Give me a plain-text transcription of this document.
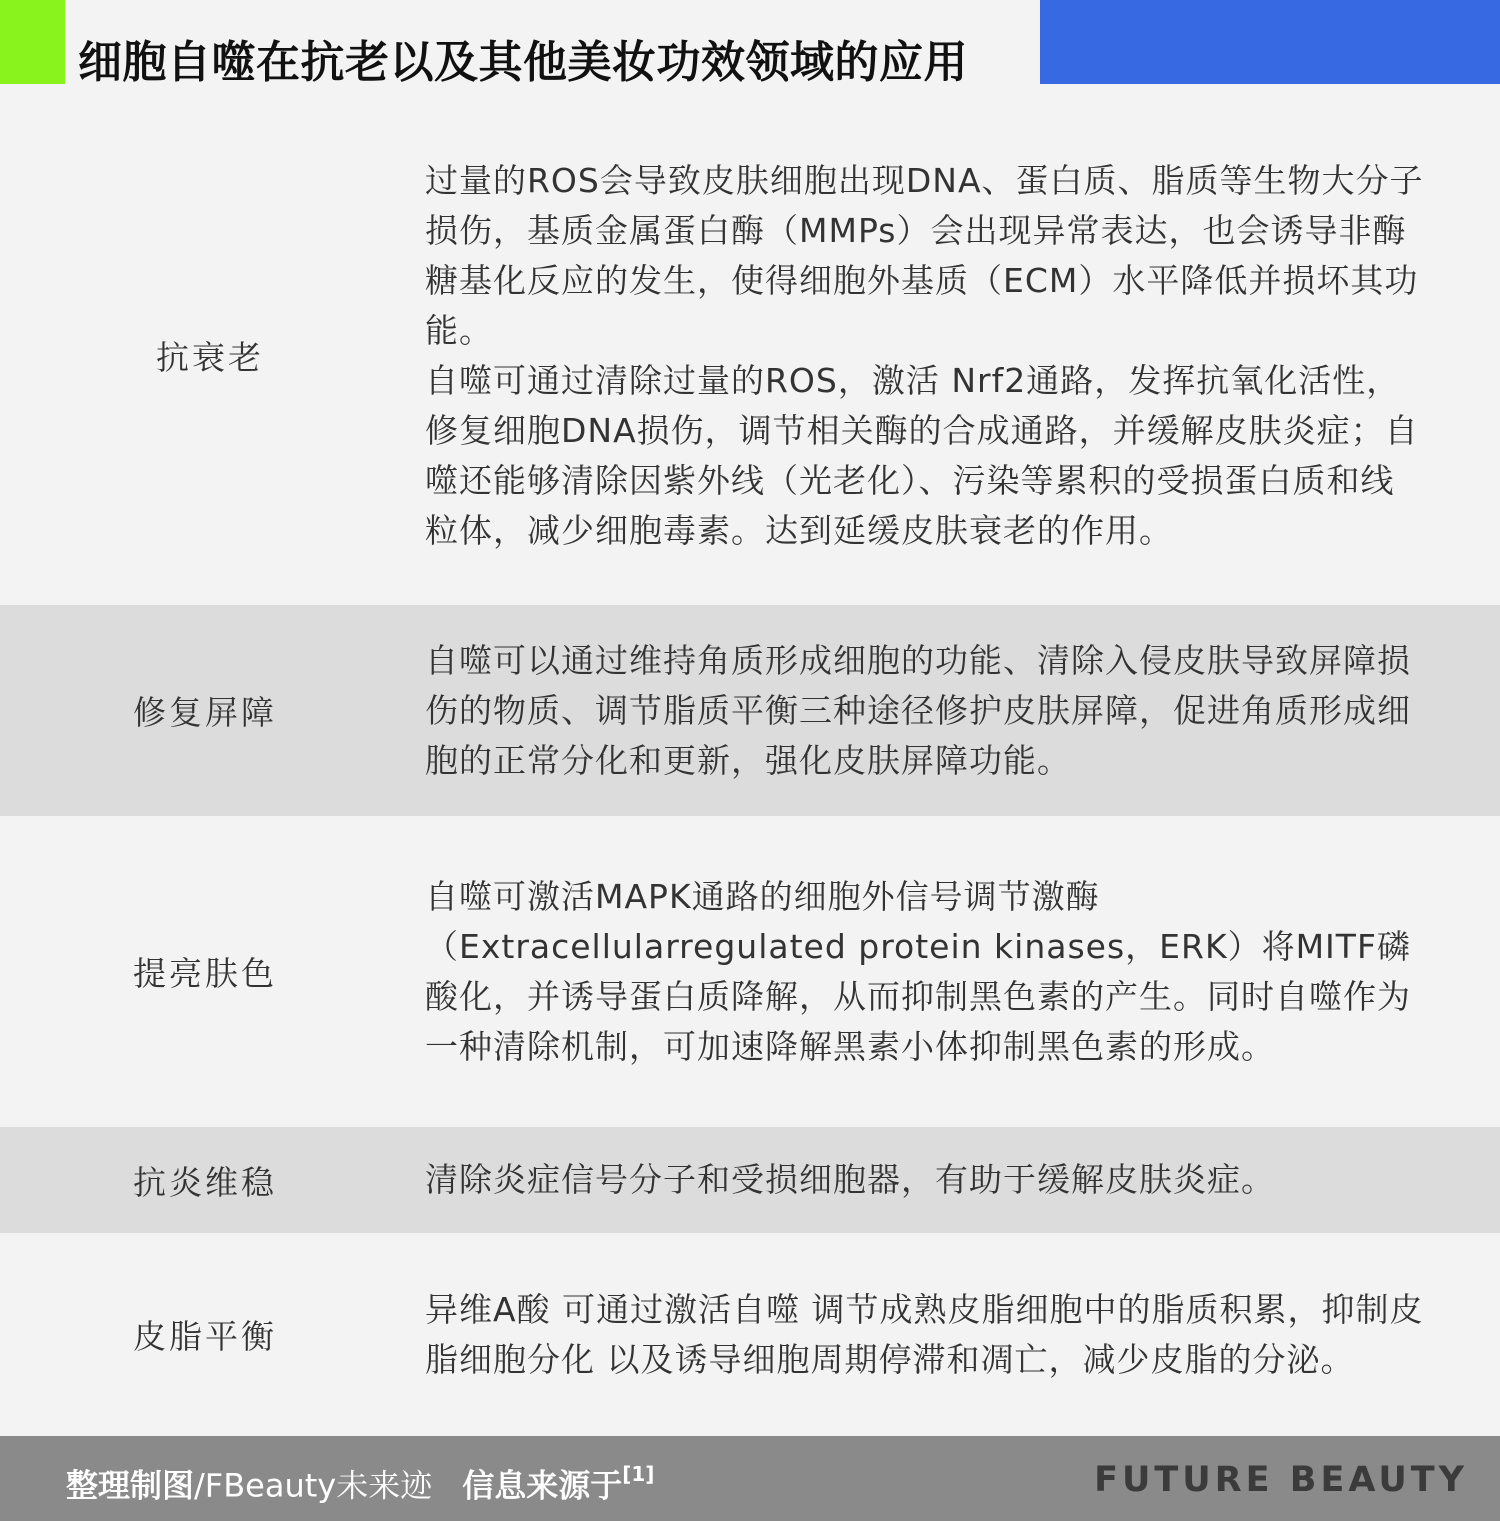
细胞自噬在抗老以及其他美妆功效领域的应用
抗衰老

过量的ROS会导致皮肤细胞出现DNA、蛋白质、脂质等生物大分子损伤，基质金属蛋白酶（MMPs）会出现异常表达，也会诱导非酶糖基化反应的发生，使得细胞外基质（ECM）水平降低并损坏其功能。

自噬可通过清除过量的ROS，激活 Nrf2通路，发挥抗氧化活性，修复细胞DNA损伤，调节相关酶的合成通路，并缓解皮肤炎症；自噬还能够清除因紫外线（光老化）、污染等累积的受损蛋白质和线粒体，减少细胞毒素。达到延缓皮肤衰老的作用。

修复屏障

自噬可以通过维持角质形成细胞的功能、清除入侵皮肤导致屏障损伤的物质、调节脂质平衡三种途径修护皮肤屏障，促进角质形成细胞的正常分化和更新，强化皮肤屏障功能。

提亮肤色

自噬可激活MAPK通路的细胞外信号调节激酶

（Extracellularregulated protein kinases，ERK）将MITF磷酸化，并诱导蛋白质降解，从而抑制黑色素的产生。同时自噬作为一种清除机制，可加速降解黑素小体抑制黑色素的形成。

抗炎维稳	清除炎症信号分子和受损细胞器，有助于缓解皮肤炎症。

皮脂平衡

异维A酸 可通过激活自噬 调节成熟皮脂细胞中的脂质积累，抑制皮脂细胞分化 以及诱导细胞周期停滞和凋亡，减少皮脂的分泌。

整理制图/FBeauty未来迹 信息来源于[1]	FUTURE BEAUTY
